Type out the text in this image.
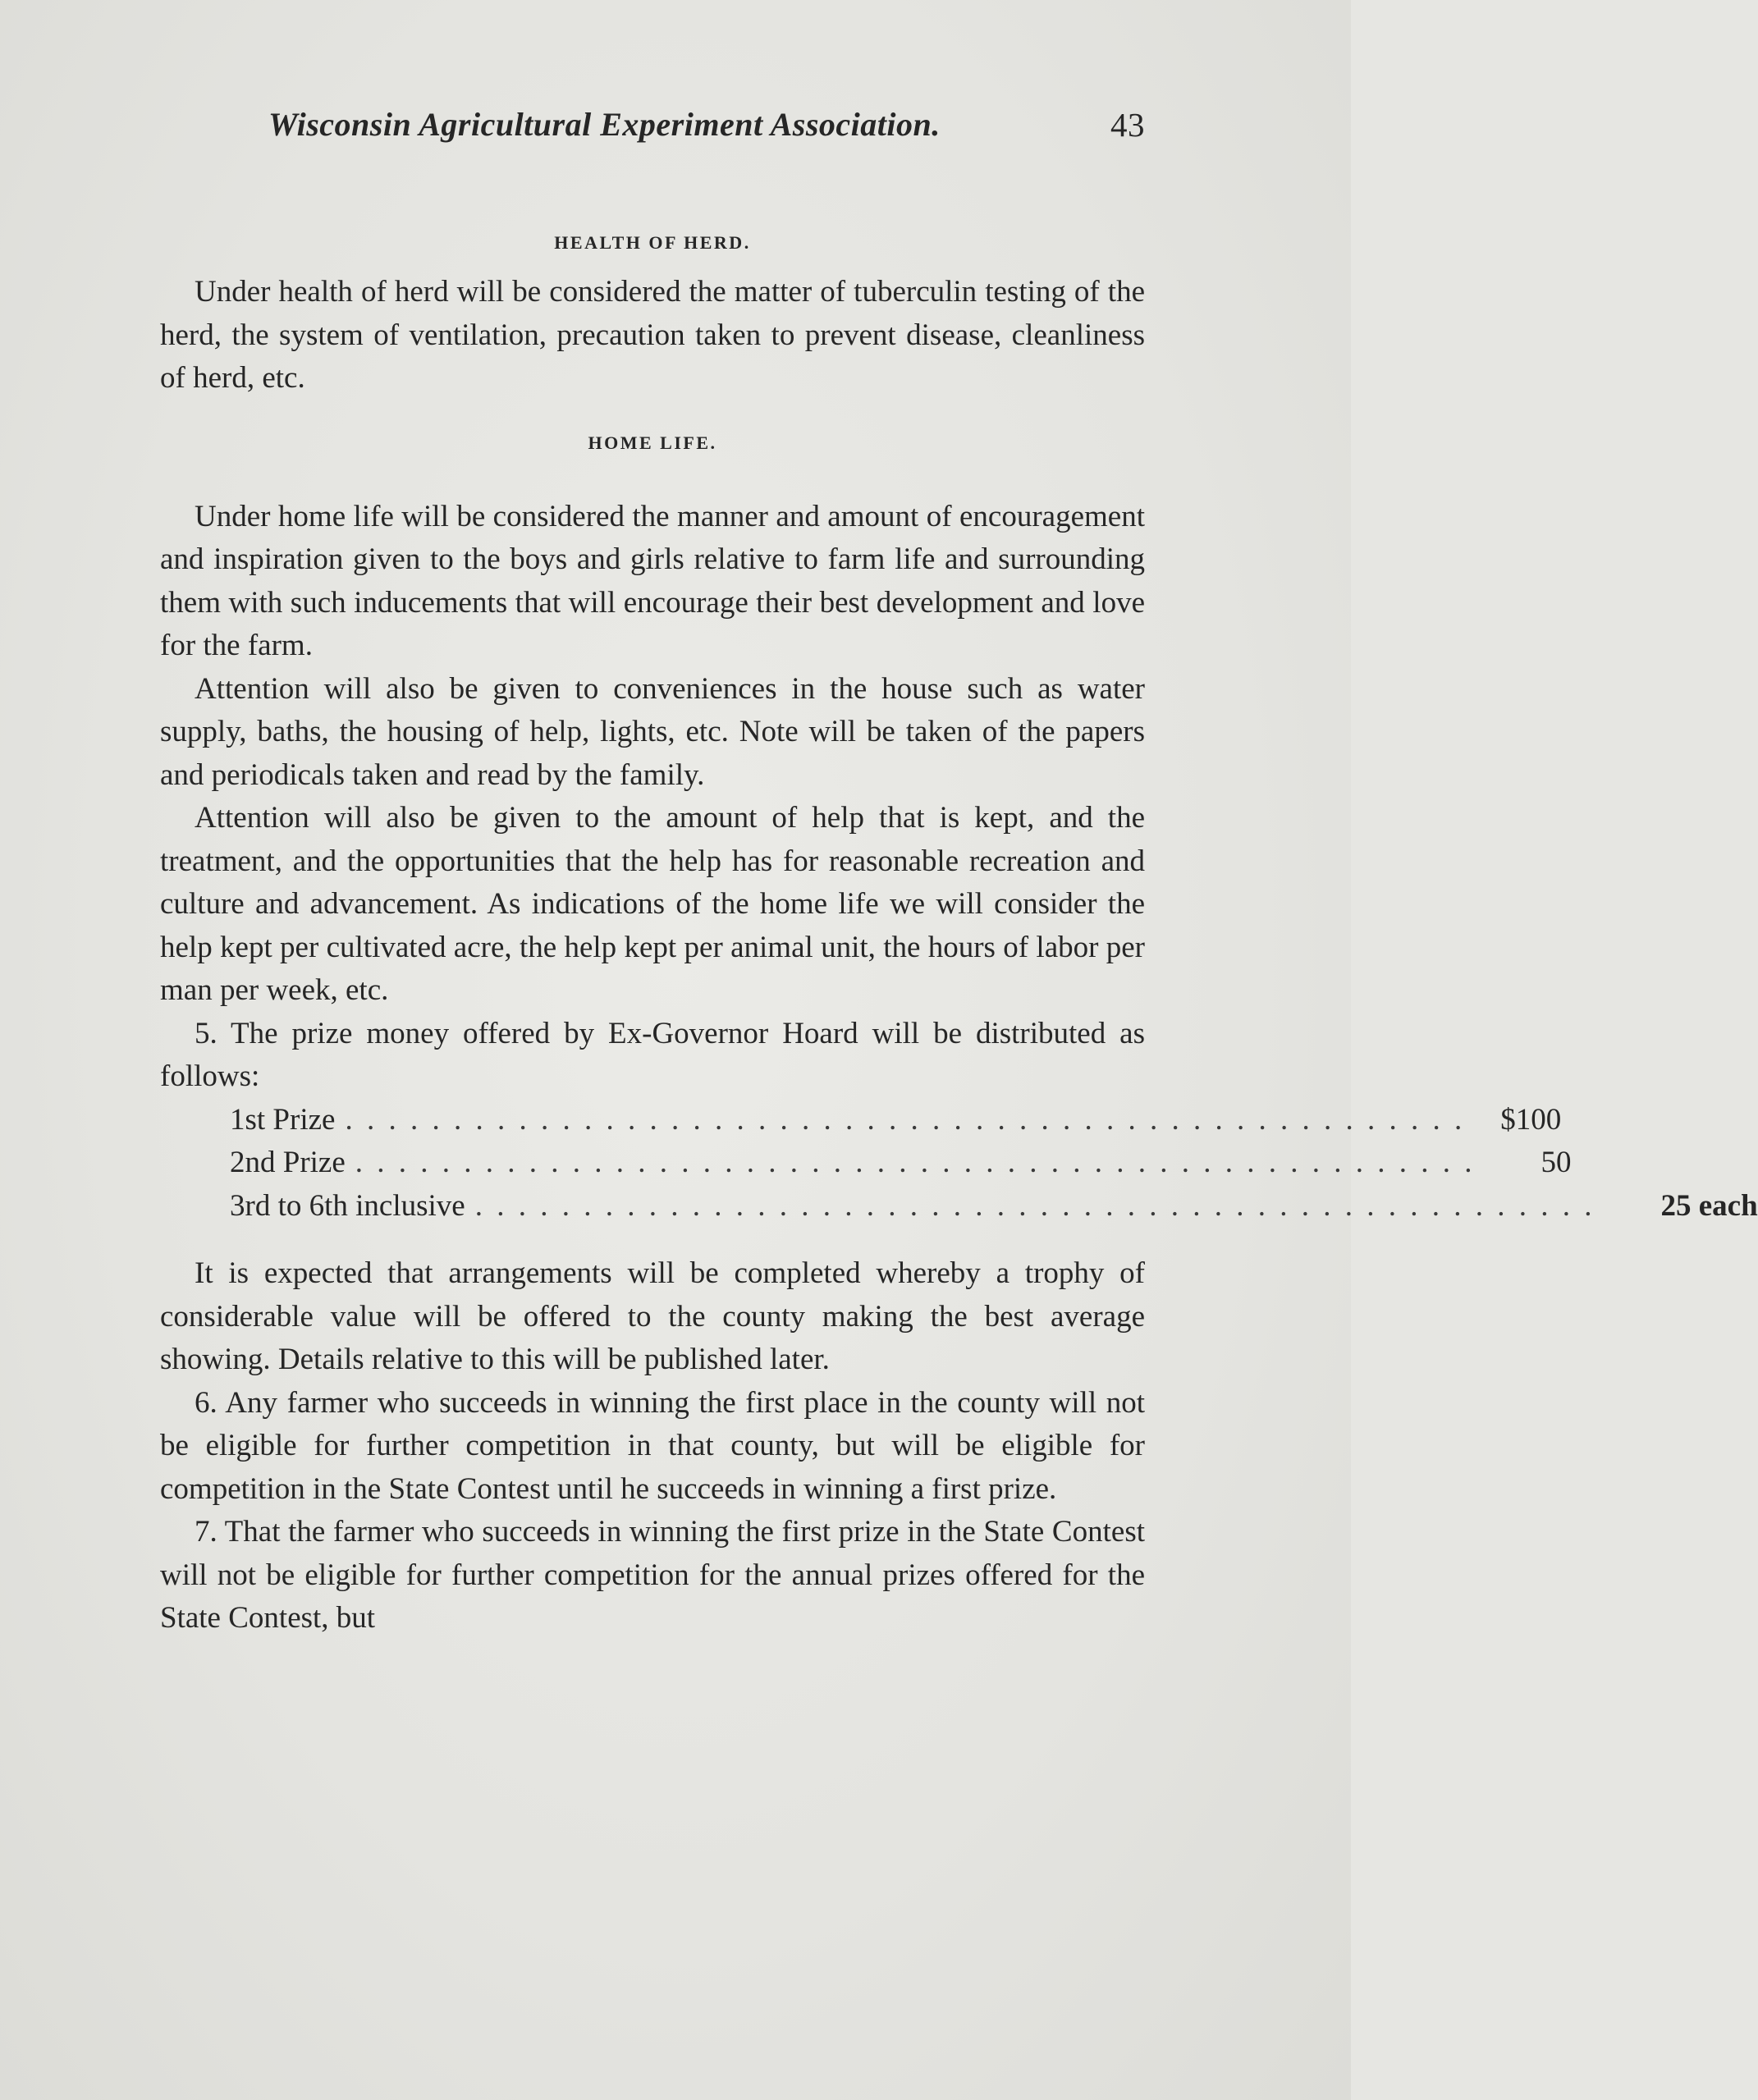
Wisconsin Agricultural Experiment Association.	43
HEALTH OF HERD.

Under health of herd will be considered the matter of tuberculin testing of the herd, the system of ventilation, precaution taken to prevent disease, cleanliness of herd, etc.

HOME LIFE.

Under home life will be considered the manner and amount of encouragement and inspiration given to the boys and girls relative to farm life and surrounding them with such inducements that will encourage their best development and love for the farm.

Attention will also be given to conveniences in the house such as water supply, baths, the housing of help, lights, etc. Note will be taken of the papers and periodicals taken and read by the family.

Attention will also be given to the amount of help that is kept, and the treatment, and the opportunities that the help has for reasonable recreation and culture and advancement. As indications of the home life we will consider the help kept per cultivated acre, the help kept per animal unit, the hours of labor per man per week, etc.

5. The prize money offered by Ex-Governor Hoard will be distributed as follows:

1st Prize . . . . . . . . . . . . . . . . . . . . . . . . . . . . . . . . . . . . . . . . . . . . . . . . . . . .	$100
2nd Prize . . . . . . . . . . . . . . . . . . . . . . . . . . . . . . . . . . . . . . . . . . . . . . . . . . . .	50
3rd to 6th inclusive . . . . . . . . . . . . . . . . . . . . . . . . . . . . . . . . . . . . . . . . . . . . . . . . . . . .	25 each

It is expected that arrangements will be completed whereby a trophy of considerable value will be offered to the county making the best average showing. Details relative to this will be published later.

6. Any farmer who succeeds in winning the first place in the county will not be eligible for further competition in that county, but will be eligible for competition in the State Contest until he succeeds in winning a first prize.

7. That the farmer who succeeds in winning the first prize in the State Contest will not be eligible for further competition for the annual prizes offered for the State Contest, but
